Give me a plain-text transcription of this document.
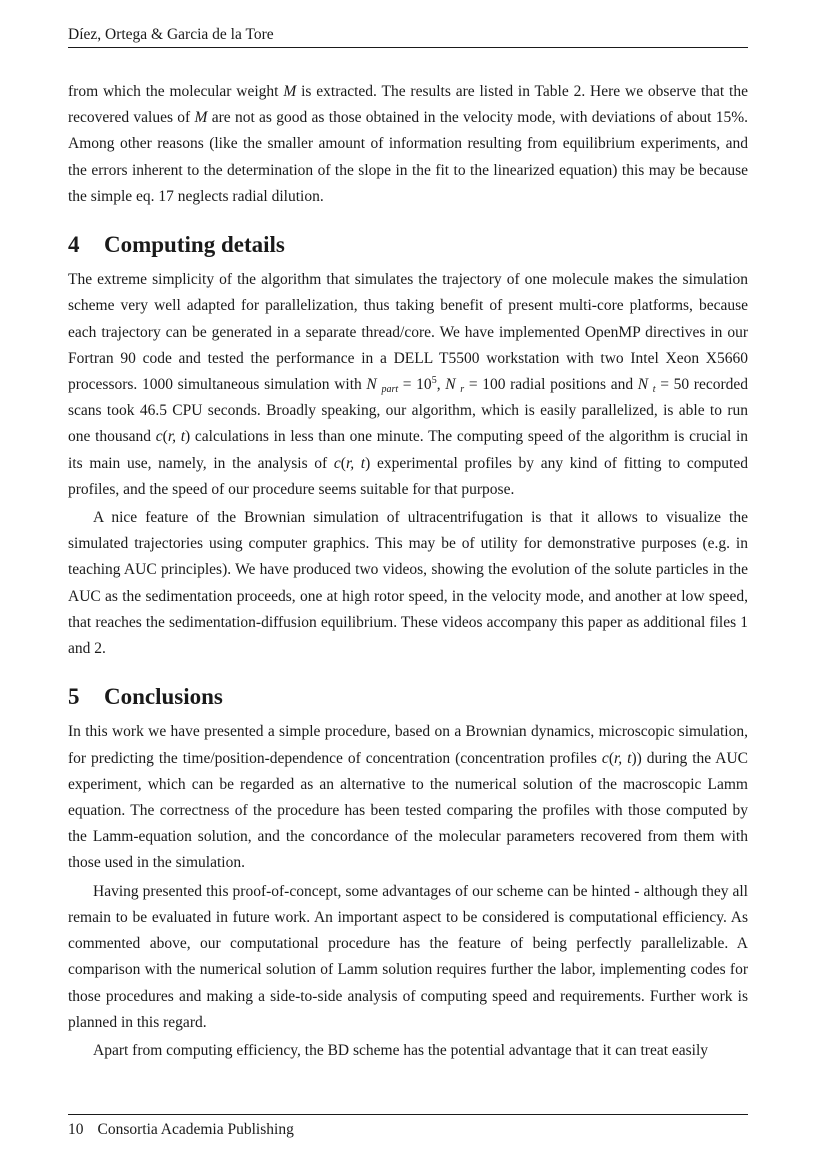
Díez, Ortega & Garcia de la Tore

from which the molecular weight M is extracted. The results are listed in Table 2. Here we observe that the recovered values of M are not as good as those obtained in the velocity mode, with deviations of about 15%. Among other reasons (like the smaller amount of information resulting from equilibrium experiments, and the errors inherent to the determination of the slope in the fit to the linearized equation) this may be because the simple eq. 17 neglects radial dilution.

4	Computing details

The extreme simplicity of the algorithm that simulates the trajectory of one molecule makes the simulation scheme very well adapted for parallelization, thus taking benefit of present multi-core platforms, because each trajectory can be generated in a separate thread/core. We have implemented OpenMP directives in our Fortran 90 code and tested the performance in a DELL T5500 workstation with two Intel Xeon X5660 processors. 1000 simultaneous simulation with N $_{part} = 10^5$, N $_r$ = 100 radial positions and N $_t$ = 50 recorded scans took 46.5 CPU seconds. Broadly speaking, our algorithm, which is easily parallelized, is able to run one thousand c(r, t) calculations in less than one minute. The computing speed of the algorithm is crucial in its main use, namely, in the analysis of c(r, t) experimental profiles by any kind of fitting to computed profiles, and the speed of our procedure seems suitable for that purpose.

A nice feature of the Brownian simulation of ultracentrifugation is that it allows to visualize the simulated trajectories using computer graphics. This may be of utility for demonstrative purposes (e.g. in teaching AUC principles). We have produced two videos, showing the evolution of the solute particles in the AUC as the sedimentation proceeds, one at high rotor speed, in the velocity mode, and another at low speed, that reaches the sedimentation-diffusion equilibrium. These videos accompany this paper as additional files 1 and 2.

5	Conclusions

In this work we have presented a simple procedure, based on a Brownian dynamics, microscopic simulation, for predicting the time/position-dependence of concentration (concentration profiles c(r, t)) during the AUC experiment, which can be regarded as an alternative to the numerical solution of the macroscopic Lamm equation. The correctness of the procedure has been tested comparing the profiles with those computed by the Lamm-equation solution, and the concordance of the molecular parameters recovered from them with those used in the simulation.

Having presented this proof-of-concept, some advantages of our scheme can be hinted - although they all remain to be evaluated in future work. An important aspect to be considered is computational efficiency. As commented above, our computational procedure has the feature of being perfectly parallelizable. A comparison with the numerical solution of Lamm solution requires further the labor, implementing codes for those procedures and making a side-to-side analysis of computing speed and requirements. Further work is planned in this regard.

Apart from computing efficiency, the BD scheme has the potential advantage that it can treat easily

10 Consortia Academia Publishing
